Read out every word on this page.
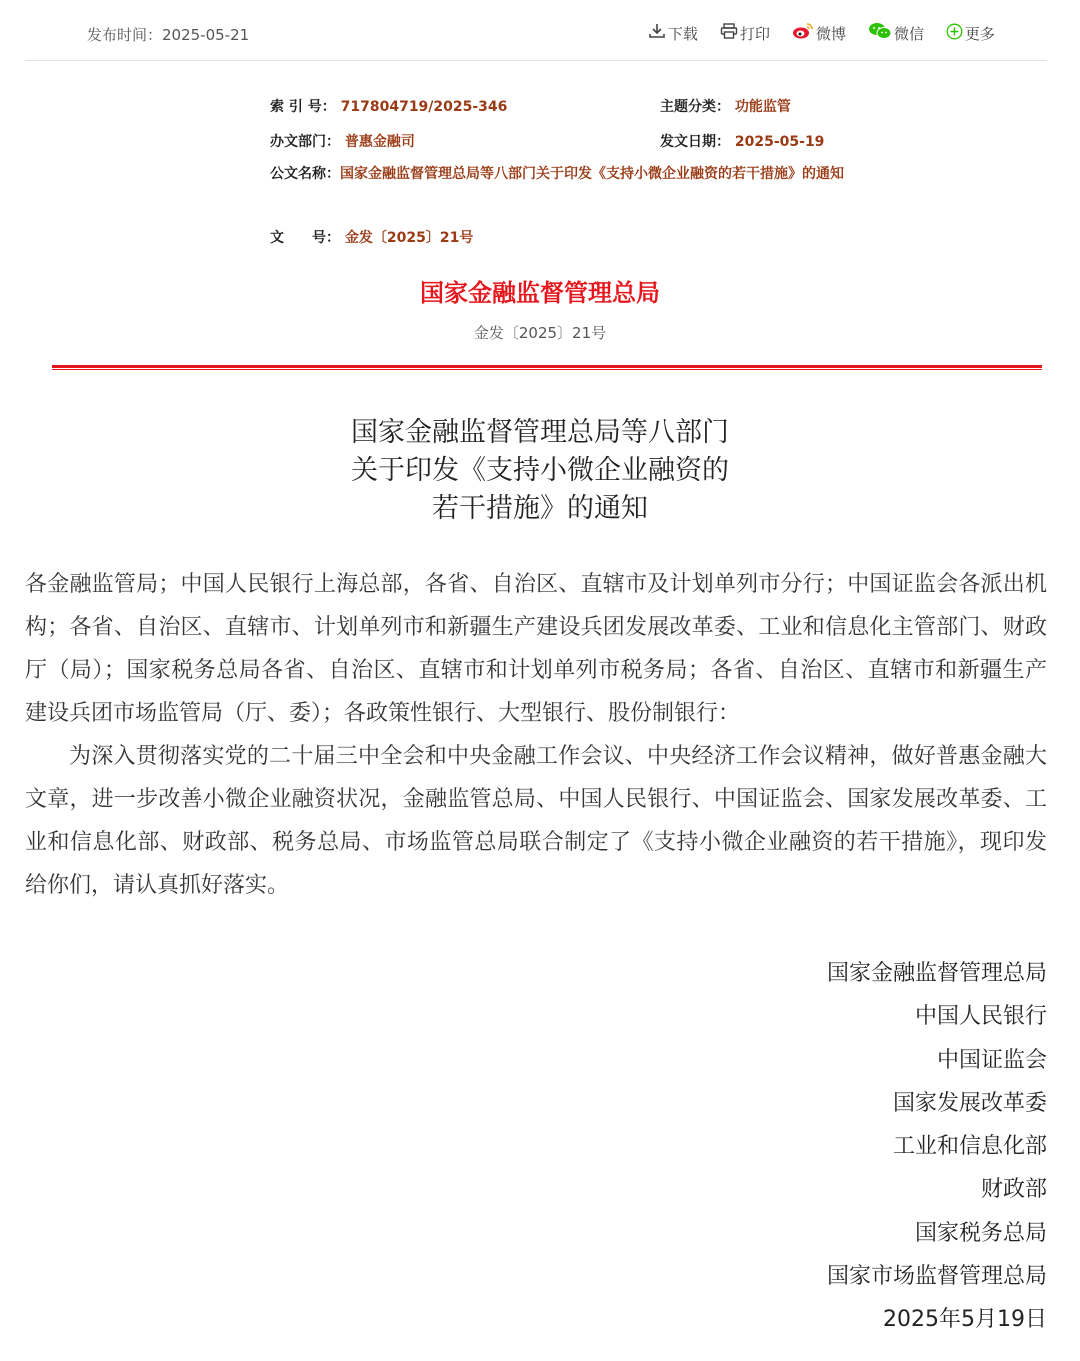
发布时间：2025-05-21	下载	打印	微博	微信	更多
索 引 号： 717804719/2025-346	主题分类： 功能监管
办文部门： 普惠金融司	发文日期： 2025-05-19
公文名称：国家金融监督管理总局等八部门关于印发《支持小微企业融资的若干措施》的通知
文　　号： 金发〔2025〕21号
国家金融监督管理总局
金发〔2025〕21号
国家金融监督管理总局等八部门
关于印发《支持小微企业融资的
若干措施》的通知
各金融监管局；中国人民银行上海总部，各省、自治区、直辖市及计划单列市分行；中国证监会各派出机构；各省、自治区、直辖市、计划单列市和新疆生产建设兵团发展改革委、工业和信息化主管部门、财政厅（局）；国家税务总局各省、自治区、直辖市和计划单列市税务局；各省、自治区、直辖市和新疆生产建设兵团市场监管局（厅、委）；各政策性银行、大型银行、股份制银行：
为深入贯彻落实党的二十届三中全会和中央金融工作会议、中央经济工作会议精神，做好普惠金融大文章，进一步改善小微企业融资状况，金融监管总局、中国人民银行、中国证监会、国家发展改革委、工业和信息化部、财政部、税务总局、市场监管总局联合制定了《支持小微企业融资的若干措施》，现印发给你们，请认真抓好落实。
国家金融监督管理总局
中国人民银行
中国证监会
国家发展改革委
工业和信息化部
财政部
国家税务总局
国家市场监督管理总局
2025年5月19日
